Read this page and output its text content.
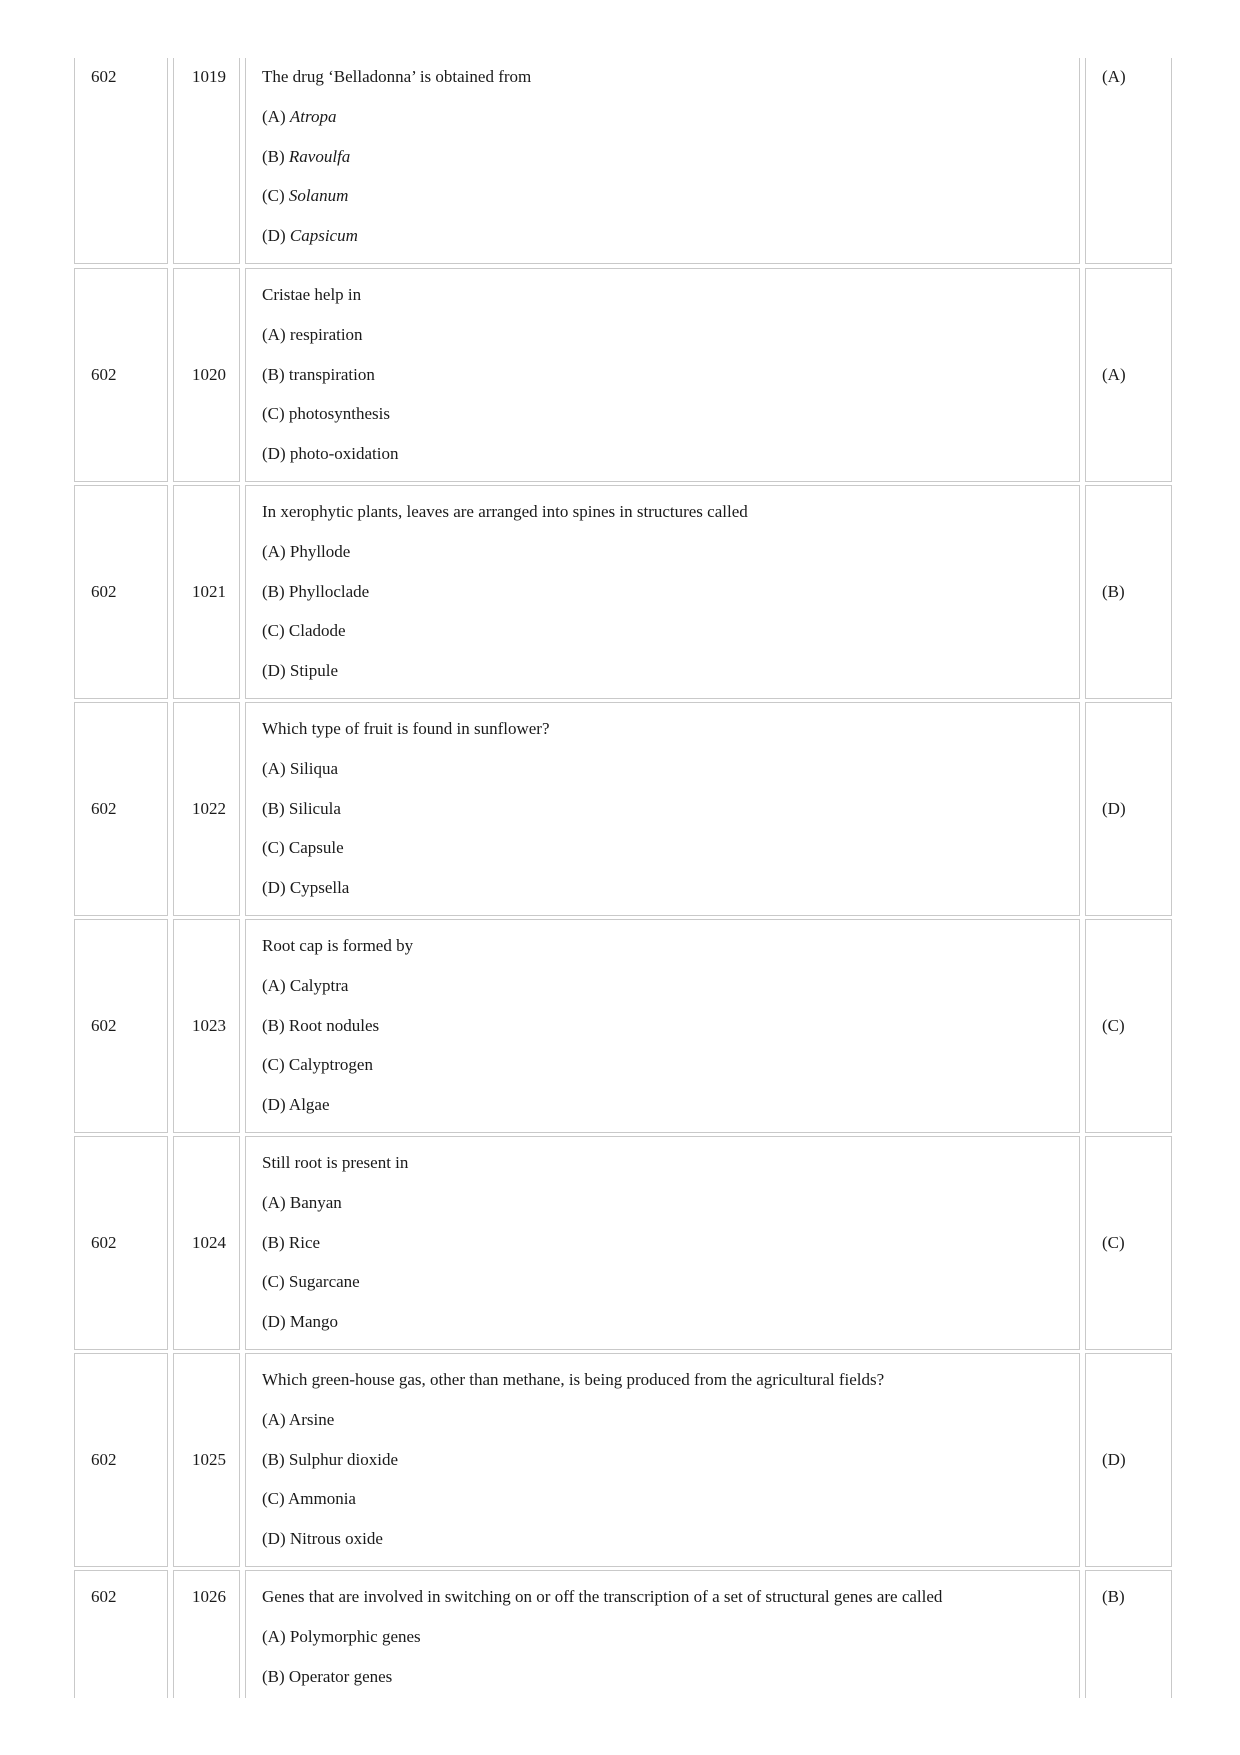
602	1019 The drug ‘Belladonna’ is obtained from
(A) Atropa
(B) Ravoulfa
(C) Solanum
(D) Capsicum
(A)
602	1020
Cristae help in
(A) respiration
(B) transpiration
(C) photosynthesis
(D) photo-oxidation
(A)
602	1021
In xerophytic plants, leaves are arranged into spines in structures called
(A) Phyllode
(B) Phylloclade
(C) Cladode
(D) Stipule
(B)
602	1022
Which type of fruit is found in sunflower?
(A) Siliqua
(B) Silicula
(C) Capsule
(D) Cypsella
(D)
602	1023
Root cap is formed by
(A) Calyptra
(B) Root nodules
(C) Calyptrogen
(D) Algae
(C)
602	1024
Still root is present in
(A) Banyan
(B) Rice
(C) Sugarcane
(D) Mango
(C)
602	1025
Which green-house gas, other than methane, is being produced from the agricultural fields?
(A) Arsine
(B) Sulphur dioxide
(C) Ammonia
(D) Nitrous oxide
(D)
602	1026 Genes that are involved in switching on or off the transcription of a set of structural genes are called
(A) Polymorphic genes
(B) Operator genes
(B)
